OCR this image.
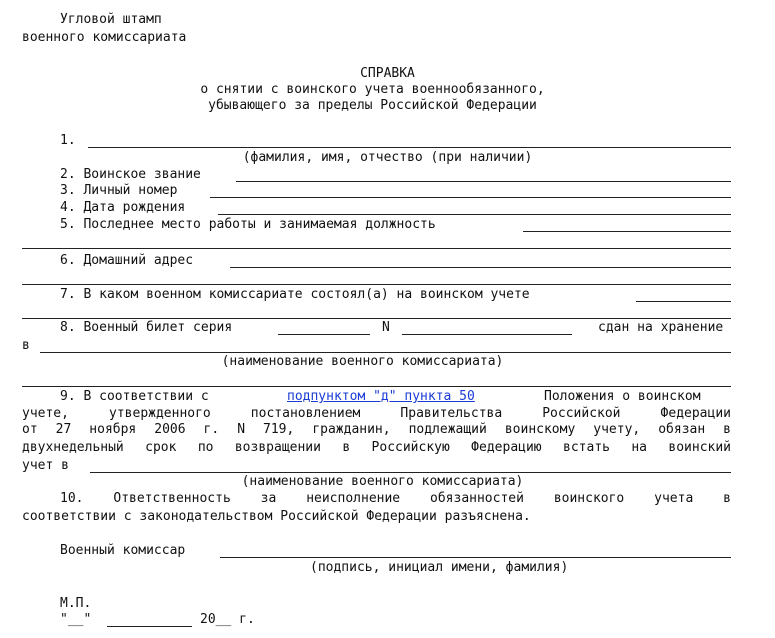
Угловой штамп
военного комиссариата
СПРАВКА
о снятии с воинского учета военнообязанного,
убывающего за пределы Российской Федерации
1.
(фамилия, имя, отчество (при наличии)
2. Воинское звание
3. Личный номер
4. Дата рождения
5. Последнее место работы и занимаемая должность
6. Домашний адрес
7. В каком военном комиссариате состоял(а) на воинском учете
8. Военный билет серия	N	сдан на хранение
в
(наименование военного комиссариата)
9. В соответствии с	подпунктом "д" пункта 50	Положения о воинском
учете, утвержденного постановлением Правительства Российской Федерации
от 27 ноября 2006 г. N 719, гражданин, подлежащий воинскому учету, обязан в
двухнедельный срок по возвращении в Российскую Федерацию встать на воинский
учет в
(наименование военного комиссариата)
10. Ответственность за неисполнение обязанностей воинского учета в
соответствии с законодательством Российской Федерации разъяснена.
Военный комиссар
(подпись, инициал имени, фамилия)
М.П.
"__"	20__ г.
